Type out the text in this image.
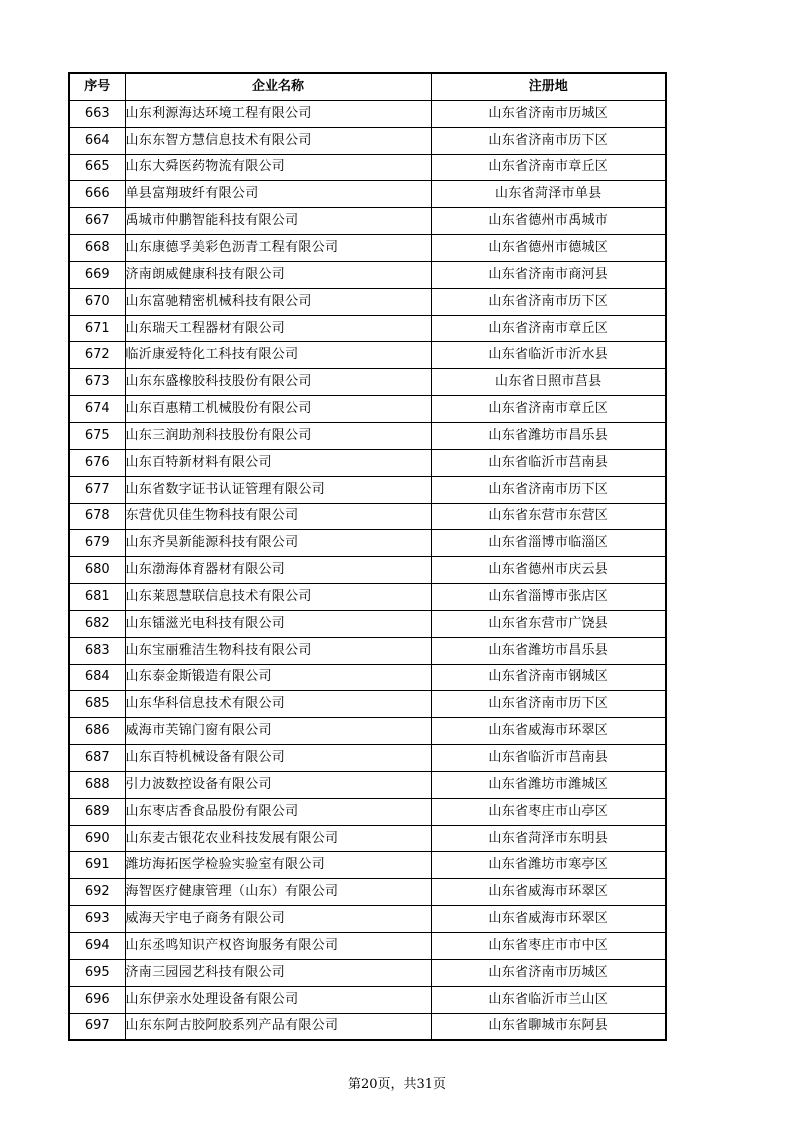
序号	企业名称	注册地
663	山东利源海达环境工程有限公司	山东省济南市历城区
664	山东东智方慧信息技术有限公司	山东省济南市历下区
665	山东大舜医药物流有限公司	山东省济南市章丘区
666	单县富翔玻纤有限公司	山东省菏泽市单县
667	禹城市仲鹏智能科技有限公司	山东省德州市禹城市
668	山东康德孚美彩色沥青工程有限公司	山东省德州市德城区
669	济南朗威健康科技有限公司	山东省济南市商河县
670	山东富驰精密机械科技有限公司	山东省济南市历下区
671	山东瑞天工程器材有限公司	山东省济南市章丘区
672	临沂康爱特化工科技有限公司	山东省临沂市沂水县
673	山东东盛橡胶科技股份有限公司	山东省日照市莒县
674	山东百惠精工机械股份有限公司	山东省济南市章丘区
675	山东三润助剂科技股份有限公司	山东省潍坊市昌乐县
676	山东百特新材料有限公司	山东省临沂市莒南县
677	山东省数字证书认证管理有限公司	山东省济南市历下区
678	东营优贝佳生物科技有限公司	山东省东营市东营区
679	山东齐昊新能源科技有限公司	山东省淄博市临淄区
680	山东渤海体育器材有限公司	山东省德州市庆云县
681	山东莱恩慧联信息技术有限公司	山东省淄博市张店区
682	山东镭滋光电科技有限公司	山东省东营市广饶县
683	山东宝丽雅洁生物科技有限公司	山东省潍坊市昌乐县
684	山东泰金斯锻造有限公司	山东省济南市钢城区
685	山东华科信息技术有限公司	山东省济南市历下区
686	威海市芙锦门窗有限公司	山东省威海市环翠区
687	山东百特机械设备有限公司	山东省临沂市莒南县
688	引力波数控设备有限公司	山东省潍坊市潍城区
689	山东枣店香食品股份有限公司	山东省枣庄市山亭区
690	山东麦古银花农业科技发展有限公司	山东省菏泽市东明县
691	潍坊海拓医学检验实验室有限公司	山东省潍坊市寒亭区
692	海智医疗健康管理（山东）有限公司	山东省威海市环翠区
693	威海天宇电子商务有限公司	山东省威海市环翠区
694	山东丞鸣知识产权咨询服务有限公司	山东省枣庄市市中区
695	济南三园园艺科技有限公司	山东省济南市历城区
696	山东伊亲水处理设备有限公司	山东省临沂市兰山区
697	山东东阿古胶阿胶系列产品有限公司	山东省聊城市东阿县
第20页，共31页
